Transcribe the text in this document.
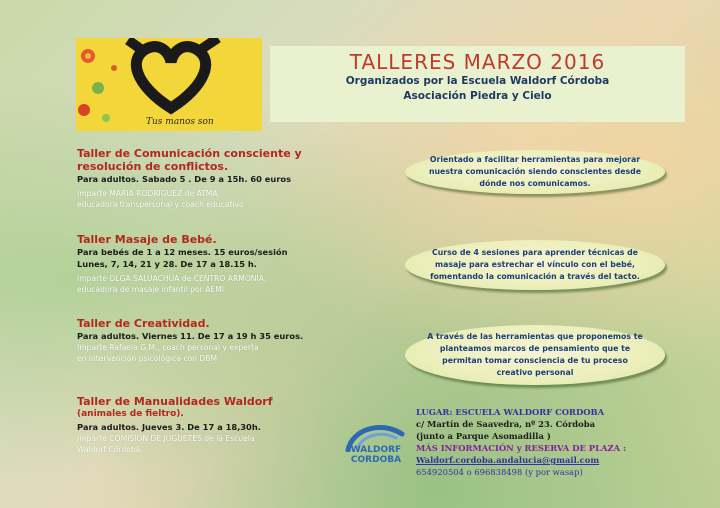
Tus manos son
TALLERES MARZO 2016
Organizados por la Escuela Waldorf Córdoba
Asociación Piedra y Cielo
Taller de Comunicación consciente y
resolución de conflictos.
Para adultos. Sabado 5 . De 9 a 15h. 60 euros
Imparte MARIA RODRIGUEZ de ATMA,
educadora transpersonal y coach educativo
Taller Masaje de Bebé.
Para bebés de 1 a 12 meses. 15 euros/sesión
Lunes, 7, 14, 21 y 28. De 17 a 18.15 h.
Imparte OLGA SALUACHUA de CENTRO ARMONIA,
educadora de masaje infantil por AEMI
Taller de Creatividad.
Para adultos. Viernes 11. De 17 a 19 h 35 euros.
Imparte Rafaela G.M., coach personal y experta
en intervención psicológica con DBM
Taller de Manualidades Waldorf
(animales de fieltro).
Para adultos. Jueves 3. De 17 a 18,30h.
Imparte COMISION DE JUGUETES de la Escuela
Waldorf Córdoba.
Orientado a facilitar herramientas para mejorar
nuestra comunicación siendo conscientes desde
dónde nos comunicamos.
Curso de 4 sesiones para aprender técnicas de
masaje para estrechar el vínculo con el bebé,
fomentando la comunicación a través del tacto.
A través de las herramientas que proponemos te
planteamos marcos de pensamiento que te
permitan tomar consciencia de tu proceso
creativo personal
WALDORF
CORDOBA
LUGAR: ESCUELA WALDORF CORDOBA
c/ Martín de Saavedra, nº 23. Córdoba
(junto a Parque Asomadilla )
MÁS INFORMACIÓN y RESERVA DE PLAZA :
Waldorf.cordoba.andalucia@gmail.com
654920504 o 696838498 (y por wasap)
